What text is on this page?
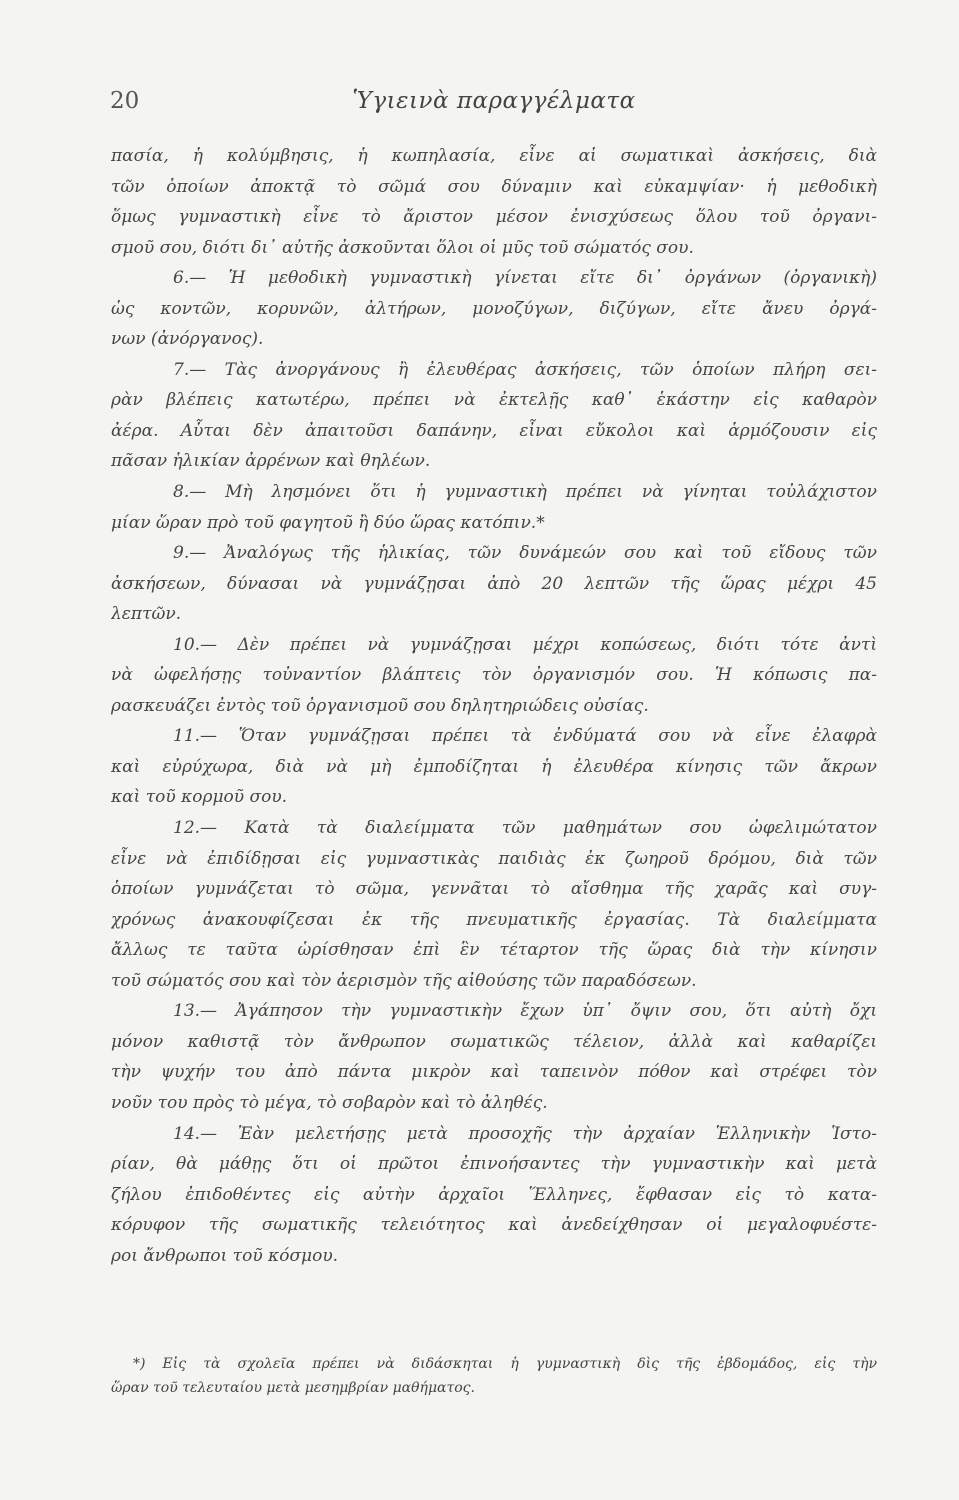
20	Ὑγιεινὰ παραγγέλματα
πασία, ἡ κολύμβησις, ἡ κωπηλασία, εἶνε αἱ σωματικαὶ ἀσκήσεις, διὰ
τῶν ὁποίων ἀποκτᾷ τὸ σῶμά σου δύναμιν καὶ εὐκαμψίαν· ἡ μεθοδικὴ
ὅμως γυμναστικὴ εἶνε τὸ ἄριστον μέσον ἐνισχύσεως ὅλου τοῦ ὀργανι-
σμοῦ σου, διότι δι᾽ αὐτῆς ἀσκοῦνται ὅλοι οἱ μῦς τοῦ σώματός σου.
6.— Ἡ μεθοδικὴ γυμναστικὴ γίνεται εἴτε δι᾽ ὀργάνων (ὀργανικὴ)
ὡς κοντῶν, κορυνῶν, ἀλτήρων, μονοζύγων, διζύγων, εἴτε ἄνευ ὀργά-
νων (ἀνόργανος).
7.— Τὰς ἀνοργάνους ἢ ἐλευθέρας ἀσκήσεις, τῶν ὁποίων πλήρη σει-
ρὰν βλέπεις κατωτέρω, πρέπει νὰ ἐκτελῇς καθ᾽ ἑκάστην εἰς καθαρὸν
ἀέρα. Αὗται δὲν ἀπαιτοῦσι δαπάνην, εἶναι εὔκολοι καὶ ἁρμόζουσιν εἰς
πᾶσαν ἡλικίαν ἀρρένων καὶ θηλέων.
8.— Μὴ λησμόνει ὅτι ἡ γυμναστικὴ πρέπει νὰ γίνηται τοὐλάχιστον
μίαν ὥραν πρὸ τοῦ φαγητοῦ ἢ δύο ὥρας κατόπιν.*
9.— Ἀναλόγως τῆς ἡλικίας, τῶν δυνάμεών σου καὶ τοῦ εἴδους τῶν
ἀσκήσεων, δύνασαι νὰ γυμνάζῃσαι ἀπὸ 20 λεπτῶν τῆς ὥρας μέχρι 45
λεπτῶν.
10.— Δὲν πρέπει νὰ γυμνάζῃσαι μέχρι κοπώσεως, διότι τότε ἀντὶ
νὰ ὠφελήσῃς τοὐναντίον βλάπτεις τὸν ὀργανισμόν σου. Ἡ κόπωσις πα-
ρασκευάζει ἐντὸς τοῦ ὀργανισμοῦ σου δηλητηριώδεις οὐσίας.
11.— Ὅταν γυμνάζῃσαι πρέπει τὰ ἐνδύματά σου νὰ εἶνε ἐλαφρὰ
καὶ εὐρύχωρα, διὰ νὰ μὴ ἐμποδίζηται ἡ ἐλευθέρα κίνησις τῶν ἄκρων
καὶ τοῦ κορμοῦ σου.
12.— Κατὰ τὰ διαλείμματα τῶν μαθημάτων σου ὠφελιμώτατον
εἶνε νὰ ἐπιδίδῃσαι εἰς γυμναστικὰς παιδιὰς ἐκ ζωηροῦ δρόμου, διὰ τῶν
ὁποίων γυμνάζεται τὸ σῶμα, γεννᾶται τὸ αἴσθημα τῆς χαρᾶς καὶ συγ-
χρόνως ἀνακουφίζεσαι ἐκ τῆς πνευματικῆς ἐργασίας. Τὰ διαλείμματα
ἄλλως τε ταῦτα ὡρίσθησαν ἐπὶ ἓν τέταρτον τῆς ὥρας διὰ τὴν κίνησιν
τοῦ σώματός σου καὶ τὸν ἀερισμὸν τῆς αἰθούσης τῶν παραδόσεων.
13.— Ἀγάπησον τὴν γυμναστικὴν ἔχων ὑπ᾽ ὄψιν σου, ὅτι αὐτὴ ὄχι
μόνον καθιστᾷ τὸν ἄνθρωπον σωματικῶς τέλειον, ἀλλὰ καὶ καθαρίζει
τὴν ψυχήν του ἀπὸ πάντα μικρὸν καὶ ταπεινὸν πόθον καὶ στρέφει τὸν
νοῦν του πρὸς τὸ μέγα, τὸ σοβαρὸν καὶ τὸ ἀληθές.
14.— Ἐὰν μελετήσῃς μετὰ προσοχῆς τὴν ἀρχαίαν Ἑλληνικὴν Ἱστο-
ρίαν, θὰ μάθῃς ὅτι οἱ πρῶτοι ἐπινοήσαντες τὴν γυμναστικὴν καὶ μετὰ
ζήλου ἐπιδοθέντες εἰς αὐτὴν ἀρχαῖοι Ἕλληνες, ἔφθασαν εἰς τὸ κατα-
κόρυφον τῆς σωματικῆς τελειότητος καὶ ἀνεδείχθησαν οἱ μεγαλοφυέστε-
ροι ἄνθρωποι τοῦ κόσμου.
*) Εἰς τὰ σχολεῖα πρέπει νὰ διδάσκηται ἡ γυμναστικὴ δὶς τῆς ἑβδομάδος, εἰς τὴν
ὥραν τοῦ τελευταίου μετὰ μεσημβρίαν μαθήματος.
